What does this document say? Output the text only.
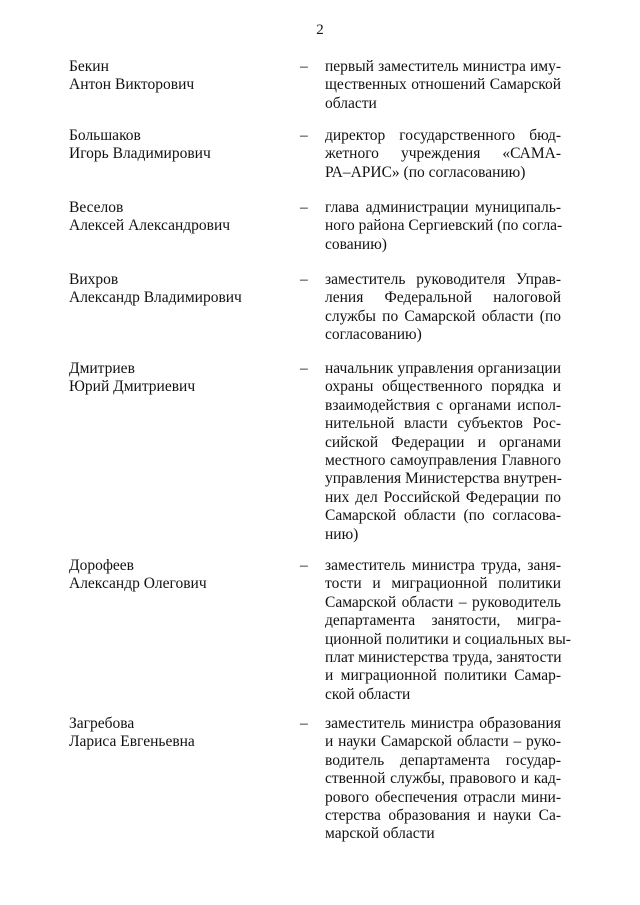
2
Бекин
Антон Викторович
– первый заместитель министра иму-
щественных отношений Самарской
области
Большаков
Игорь Владимирович
– директор государственного бюд-
жетного учреждения «САМА-
РА–АРИС» (по согласованию)
Веселов
Алексей Александрович
– глава администрации муниципаль-
ного района Сергиевский (по согла-
сованию)
Вихров
Александр Владимирович
– заместитель руководителя Управ-
ления Федеральной налоговой
службы по Самарской области (по
согласованию)
Дмитриев
Юрий Дмитриевич
– начальник управления организации
охраны общественного порядка и
взаимодействия с органами испол-
нительной власти субъектов Рос-
сийской Федерации и органами
местного самоуправления Главного
управления Министерства внутрен-
них дел Российской Федерации по
Самарской области (по согласова-
нию)
Дорофеев
Александр Олегович
– заместитель министра труда, заня-
тости и миграционной политики
Самарской области – руководитель
департамента занятости, мигра-
ционной политики и социальных вы-
плат министерства труда, занятости
и миграционной политики Самар-
ской области
Загребова
Лариса Евгеньевна
– заместитель министра образования
и науки Самарской области – руко-
водитель департамента государ-
ственной службы, правового и кад-
рового обеспечения отрасли мини-
стерства образования и науки Са-
марской области
